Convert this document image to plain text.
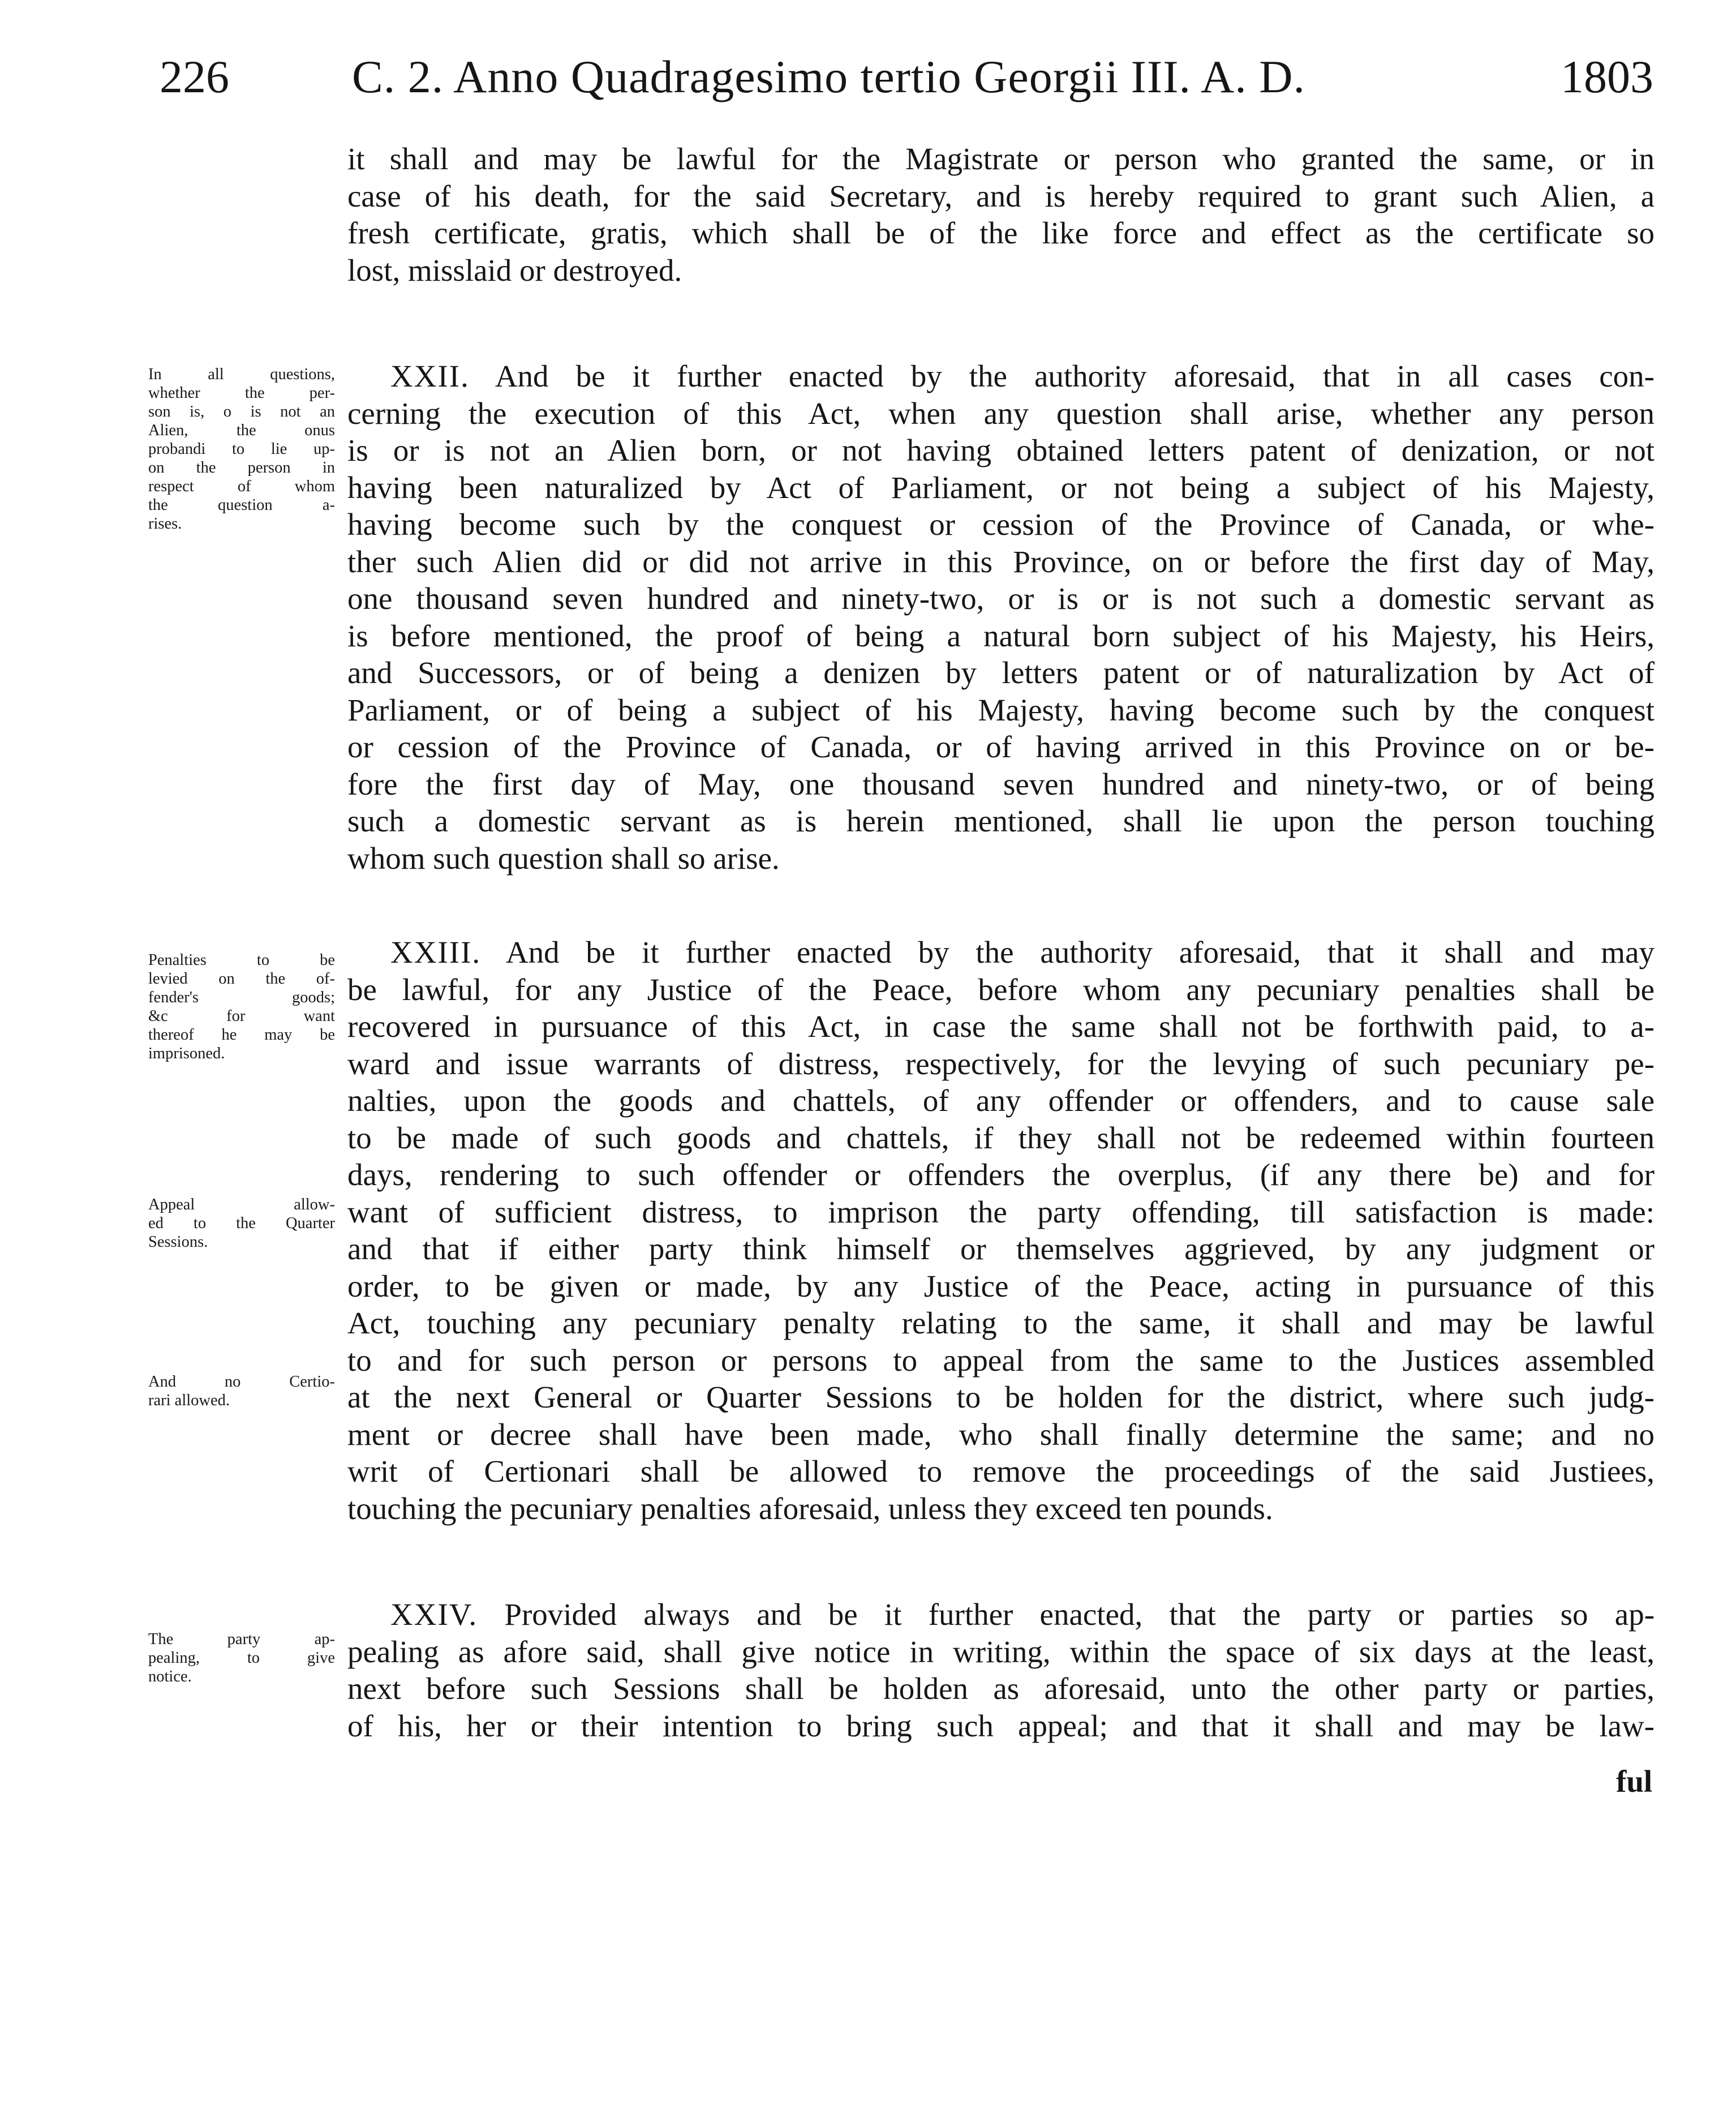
226	C. 2. Anno Quadragesimo tertio Georgii III. A. D.	1803
it shall and may be lawful for the Magistrate or person who granted the same, or in
case of his death, for the said Secretary, and is hereby required to grant such Alien, a
fresh certificate, gratis, which shall be of the like force and effect as the certificate so
lost, misslaid or destroyed.
In all questions,
whether the per-
son is, o is not an
Alien, the onus
probandi to lie up-
on the person in
respect of whom
the question a-
rises.
XXII. And be it further enacted by the authority aforesaid, that in all cases con-
cerning the execution of this Act, when any question shall arise, whether any person
is or is not an Alien born, or not having obtained letters patent of denization, or not
having been naturalized by Act of Parliament, or not being a subject of his Majesty,
having become such by the conquest or cession of the Province of Canada, or whe-
ther such Alien did or did not arrive in this Province, on or before the first day of May,
one thousand seven hundred and ninety-two, or is or is not such a domestic servant as
is before mentioned, the proof of being a natural born subject of his Majesty, his Heirs,
and Successors, or of being a denizen by letters patent or of naturalization by Act of
Parliament, or of being a subject of his Majesty, having become such by the conquest
or cession of the Province of Canada, or of having arrived in this Province on or be-
fore the first day of May, one thousand seven hundred and ninety-two, or of being
such a domestic servant as is herein mentioned, shall lie upon the person touching
whom such question shall so arise.
Penalties to be
levied on the of-
fender's goods;
&c for want
thereof he may be
imprisoned.
Appeal allow-
ed to the Quarter
Sessions.
And no Certio-
rari allowed.
XXIII. And be it further enacted by the authority aforesaid, that it shall and may
be lawful, for any Justice of the Peace, before whom any pecuniary penalties shall be
recovered in pursuance of this Act, in case the same shall not be forthwith paid, to a-
ward and issue warrants of distress, respectively, for the levying of such pecuniary pe-
nalties, upon the goods and chattels, of any offender or offenders, and to cause sale
to be made of such goods and chattels, if they shall not be redeemed within fourteen
days, rendering to such offender or offenders the overplus, (if any there be) and for
want of sufficient distress, to imprison the party offending, till satisfaction is made:
and that if either party think himself or themselves aggrieved, by any judgment or
order, to be given or made, by any Justice of the Peace, acting in pursuance of this
Act, touching any pecuniary penalty relating to the same, it shall and may be lawful
to and for such person or persons to appeal from the same to the Justices assembled
at the next General or Quarter Sessions to be holden for the district, where such judg-
ment or decree shall have been made, who shall finally determine the same; and no
writ of Certionari shall be allowed to remove the proceedings of the said Justiees,
touching the pecuniary penalties aforesaid, unless they exceed ten pounds.
The party ap-
pealing, to give
notice.
XXIV. Provided always and be it further enacted, that the party or parties so ap-
pealing as afore said, shall give notice in writing, within the space of six days at the least,
next before such Sessions shall be holden as aforesaid, unto the other party or parties,
of his, her or their intention to bring such appeal; and that it shall and may be law-
ful
